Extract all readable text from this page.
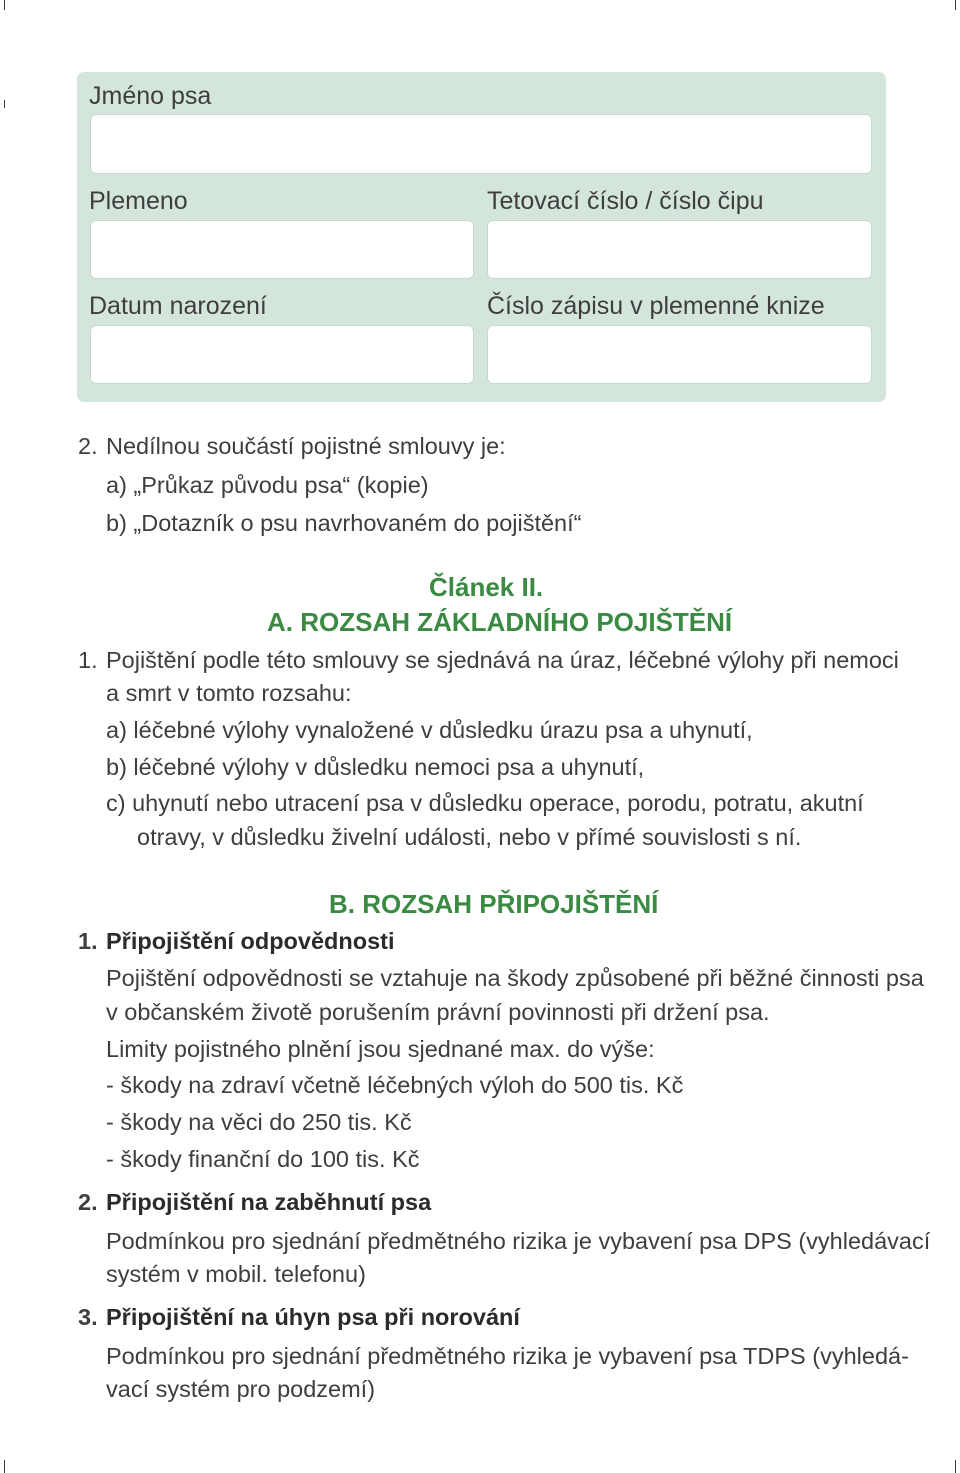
Jméno psa
Plemeno	Tetovací číslo / číslo čipu
Datum narození	Číslo zápisu v plemenné knize
2. Nedílnou součástí pojistné smlouvy je:
a) „Průkaz původu psa“ (kopie)
b) „Dotazník o psu navrhovaném do pojištění“
Článek II.
A. ROZSAH ZÁKLADNÍHO POJIŠTĚNÍ
1. Pojištění podle této smlouvy se sjednává na úraz, léčebné výlohy při nemoci
a smrt v tomto rozsahu:
a) léčebné výlohy vynaložené v důsledku úrazu psa a uhynutí,
b) léčebné výlohy v důsledku nemoci psa a uhynutí,
c) uhynutí nebo utracení psa v důsledku operace, porodu, potratu, akutní
otravy, v důsledku živelní události, nebo v přímé souvislosti s ní.
B. ROZSAH PŘIPOJIŠTĚNÍ
1. Připojištění odpovědnosti
Pojištění odpovědnosti se vztahuje na škody způsobené při běžné činnosti psa
v občanském životě porušením právní povinnosti při držení psa.
Limity pojistného plnění jsou sjednané max. do výše:
- škody na zdraví včetně léčebných výloh do 500 tis. Kč
- škody na věci do 250 tis. Kč
- škody finanční do 100 tis. Kč
2. Připojištění na zaběhnutí psa
Podmínkou pro sjednání předmětného rizika je vybavení psa DPS (vyhledávací
systém v mobil. telefonu)
3. Připojištění na úhyn psa při norování
Podmínkou pro sjednání předmětného rizika je vybavení psa TDPS (vyhledá-
vací systém pro podzemí)
